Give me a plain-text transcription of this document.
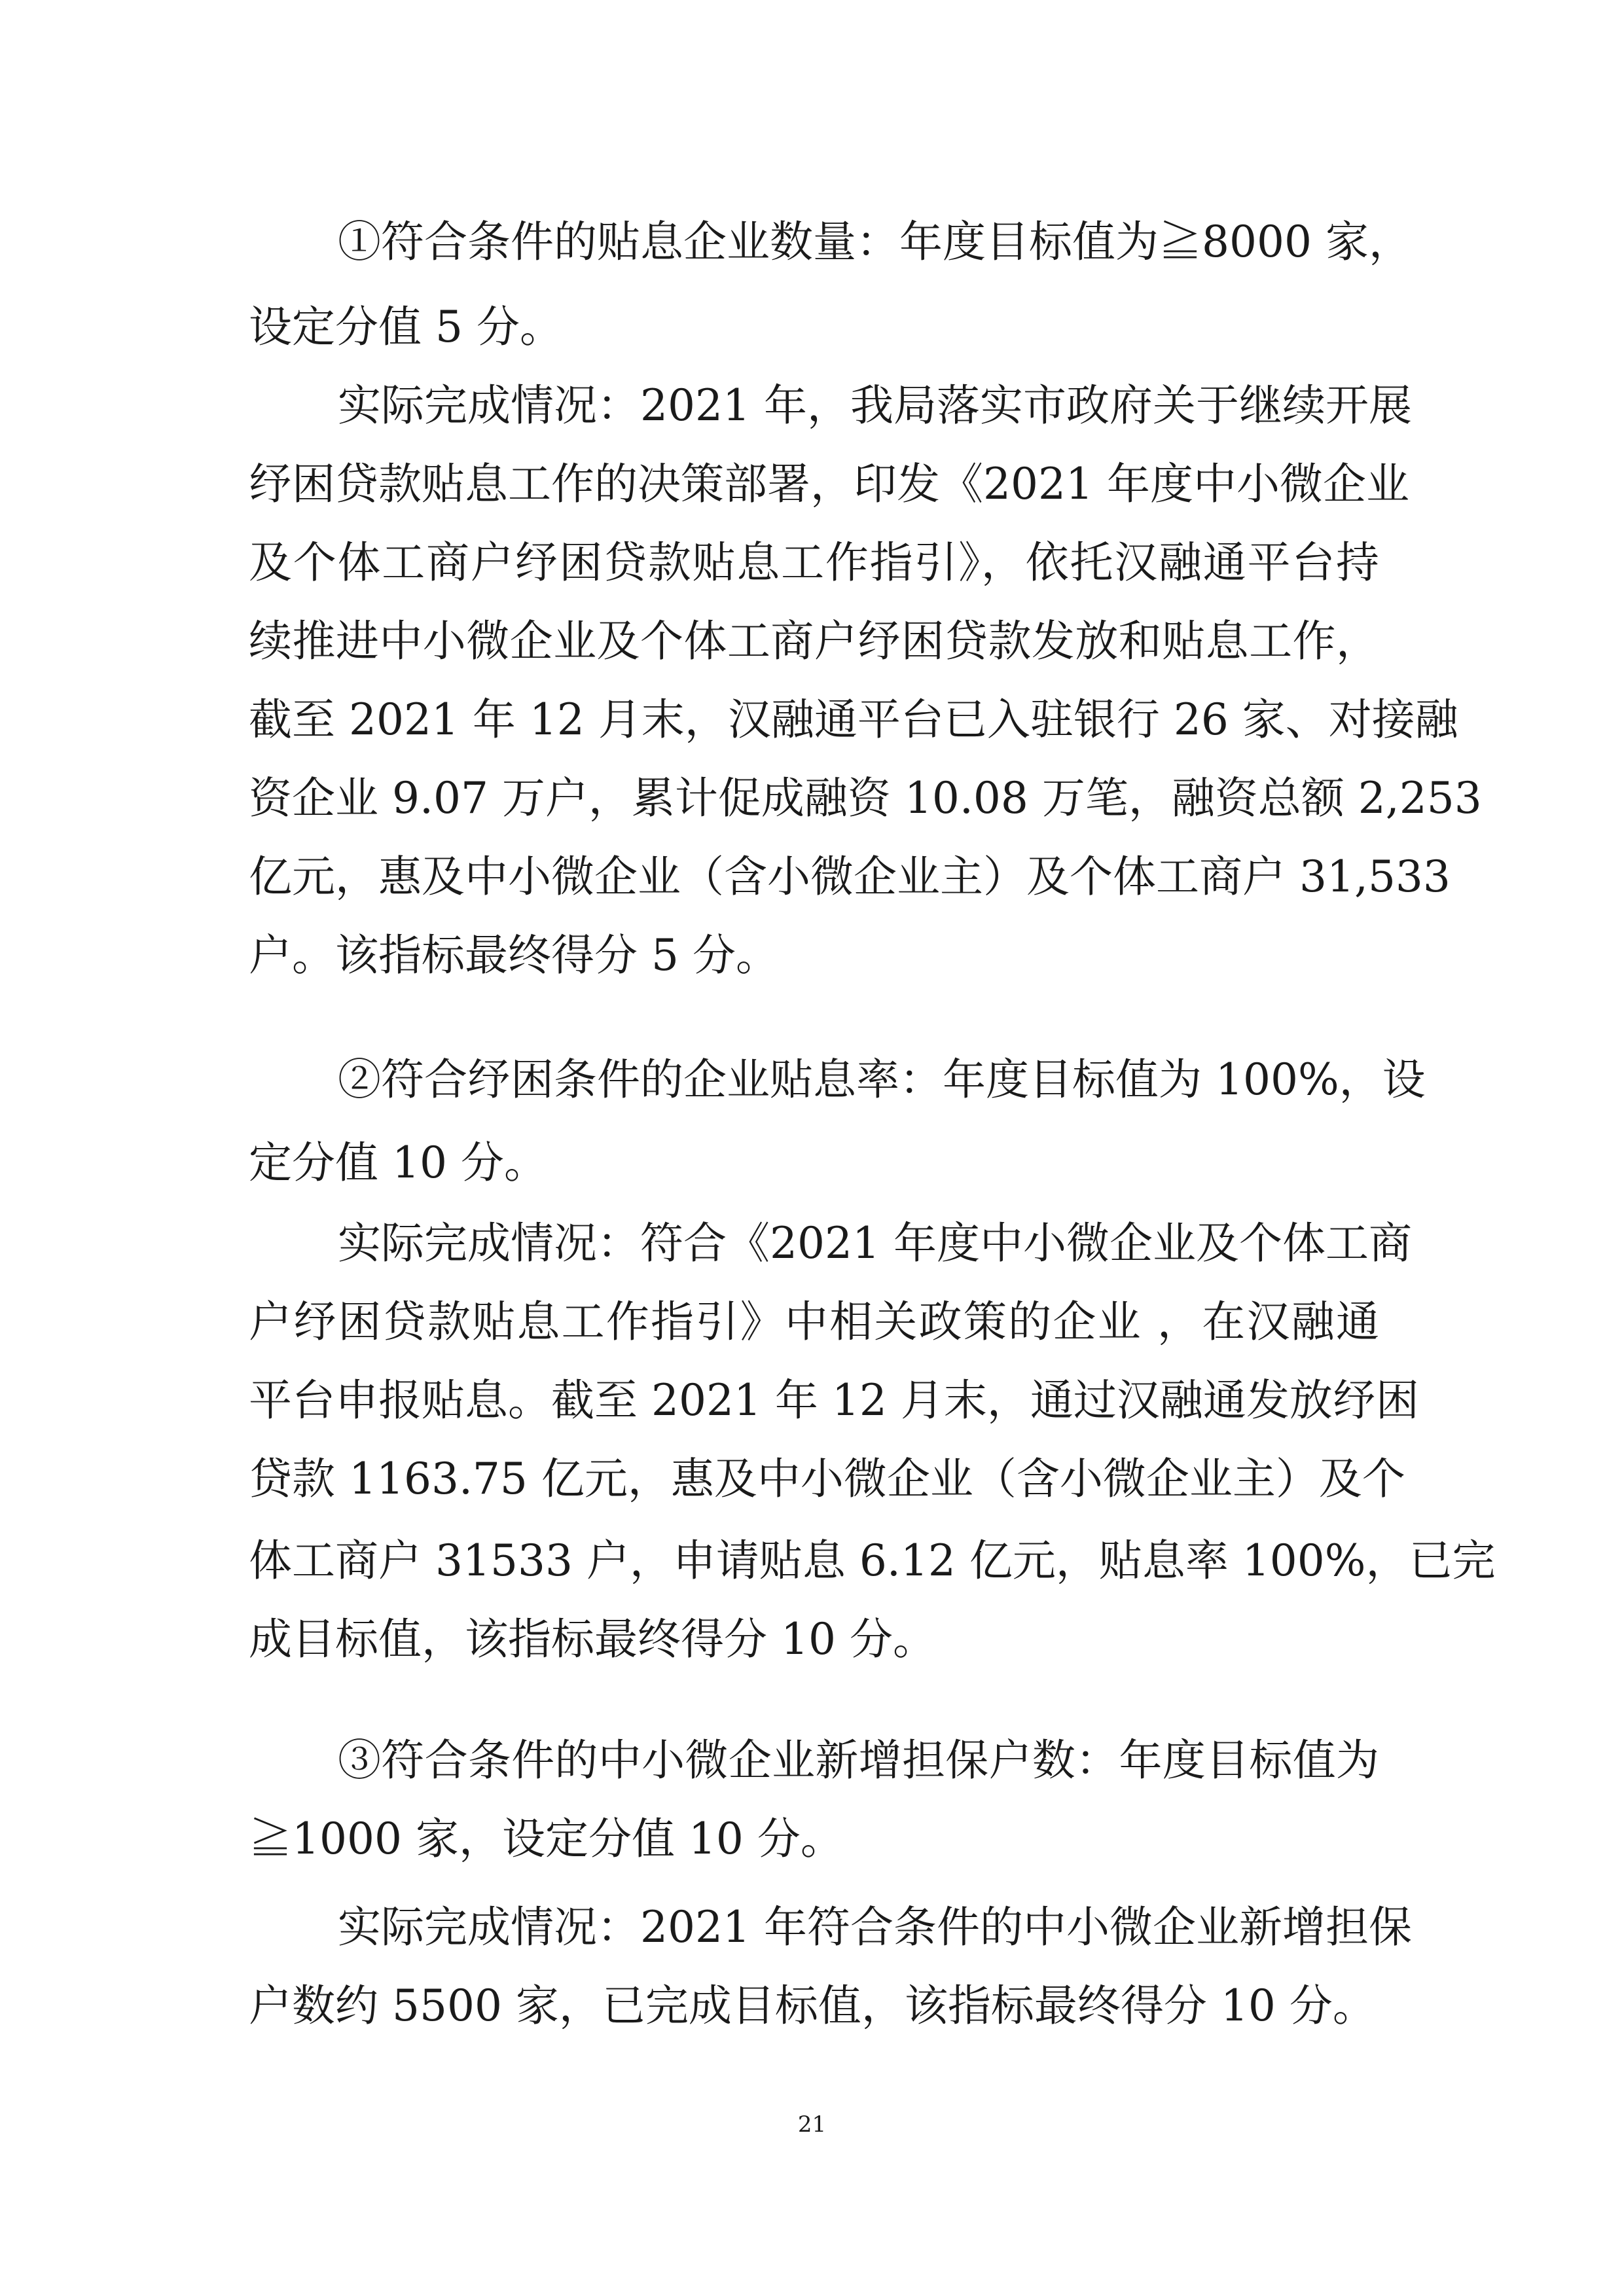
①符合条件的贴息企业数量：年度目标值为≧8000 家，
设定分值 5 分。
实际完成情况：2021 年，我局落实市政府关于继续开展
纾困贷款贴息工作的决策部署，印发《2021 年度中小微企业
及个体工商户纾困贷款贴息工作指引》，依托汉融通平台持
续推进中小微企业及个体工商户纾困贷款发放和贴息工作，
截至 2021 年 12 月末，汉融通平台已入驻银行 26 家、对接融
资企业 9.07 万户，累计促成融资 10.08 万笔，融资总额 2,253
亿元，惠及中小微企业（含小微企业主）及个体工商户 31,533
户。该指标最终得分 5 分。
②符合纾困条件的企业贴息率：年度目标值为 100%，设
定分值 10 分。
实际完成情况：符合《2021 年度中小微企业及个体工商
户纾困贷款贴息工作指引》中相关政策的企业 ，在汉融通
平台申报贴息。截至 2021 年 12 月末，通过汉融通发放纾困
贷款 1163.75 亿元，惠及中小微企业（含小微企业主）及个
体工商户 31533 户，申请贴息 6.12 亿元，贴息率 100%，已完
成目标值，该指标最终得分 10 分。
③符合条件的中小微企业新增担保户数：年度目标值为
≧1000 家，设定分值 10 分。
实际完成情况：2021 年符合条件的中小微企业新增担保
户数约 5500 家，已完成目标值，该指标最终得分 10 分。
21
